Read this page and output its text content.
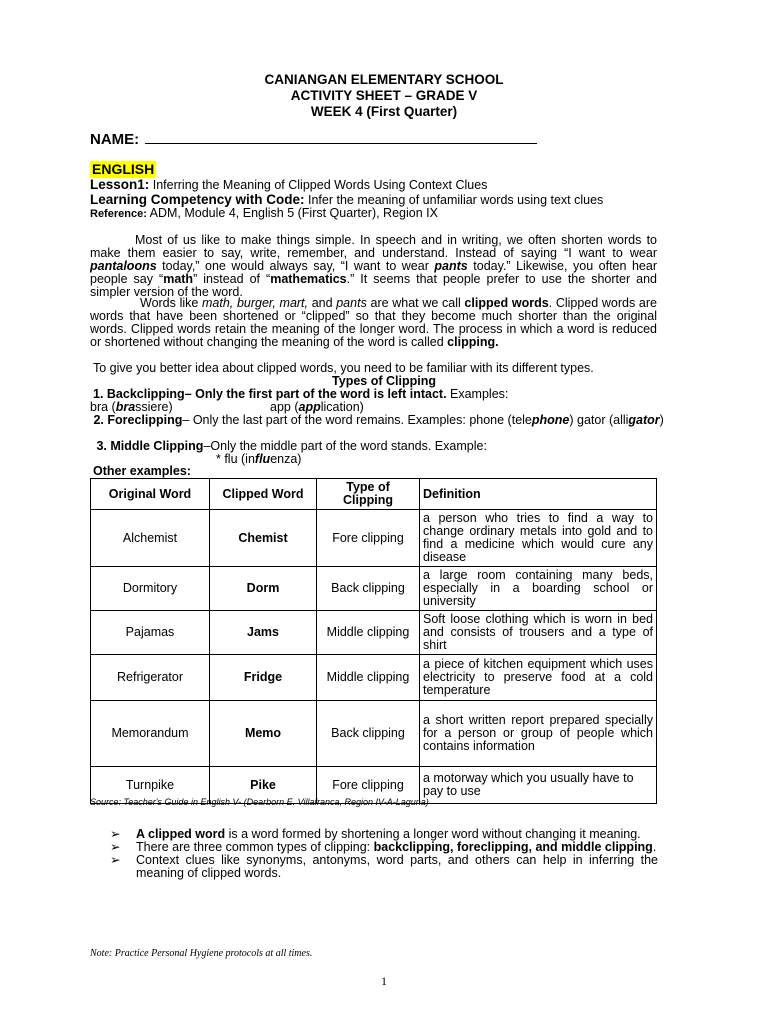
CANIANGAN ELEMENTARY SCHOOL
ACTIVITY SHEET – GRADE V
WEEK 4 (First Quarter)
NAME:
ENGLISH
Lesson1: Inferring the Meaning of Clipped Words Using Context Clues
Learning Competency with Code: Infer the meaning of unfamiliar words using text clues
Reference: ADM, Module 4, English 5 (First Quarter), Region IX
Most of us like to make things simple. In speech and in writing, we often shorten words to make them easier to say, write, remember, and understand. Instead of saying “I want to wear pantaloons today,” one would always say, “I want to wear pants today.” Likewise, you often hear people say “math” instead of “mathematics.” It seems that people prefer to use the shorter and simpler version of the word.
Words like math, burger, mart, and pants are what we call clipped words. Clipped words are words that have been shortened or “clipped” so that they become much shorter than the original words. Clipped words retain the meaning of the longer word. The process in which a word is reduced or shortened without changing the meaning of the word is called clipping.
To give you better idea about clipped words, you need to be familiar with its different types.
Types of Clipping
1. Backclipping– Only the first part of the word is left intact. Examples:
bra (brassiere)	app (application)
2. Foreclipping– Only the last part of the word remains. Examples: phone (telephone) gator (alligator)
3. Middle Clipping–Only the middle part of the word stands. Example:
* flu (influenza)
Other examples:
Original Word	Clipped Word	Type of Clipping	Definition
Alchemist	Chemist	Fore clipping	a person who tries to find a way to change ordinary metals into gold and to find a medicine which would cure any disease
Dormitory	Dorm	Back clipping	a large room containing many beds, especially in a boarding school or university
Pajamas	Jams	Middle clipping	Soft loose clothing which is worn in bed and consists of trousers and a type of shirt
Refrigerator	Fridge	Middle clipping	a piece of kitchen equipment which uses electricity to preserve food at a cold temperature
Memorandum	Memo	Back clipping	a short written report prepared specially for a person or group of people which contains information
Turnpike	Pike	Fore clipping	a motorway which you usually have to pay to use
Source: Teacher's Guide in English V- (Dearborn E. Villafranca, Region IV-A-Laguna)
➢ A clipped word is a word formed by shortening a longer word without changing it meaning.
➢ There are three common types of clipping: backclipping, foreclipping, and middle clipping.
➢ Context clues like synonyms, antonyms, word parts, and others can help in inferring the meaning of clipped words.
Note: Practice Personal Hygiene protocols at all times.
1
